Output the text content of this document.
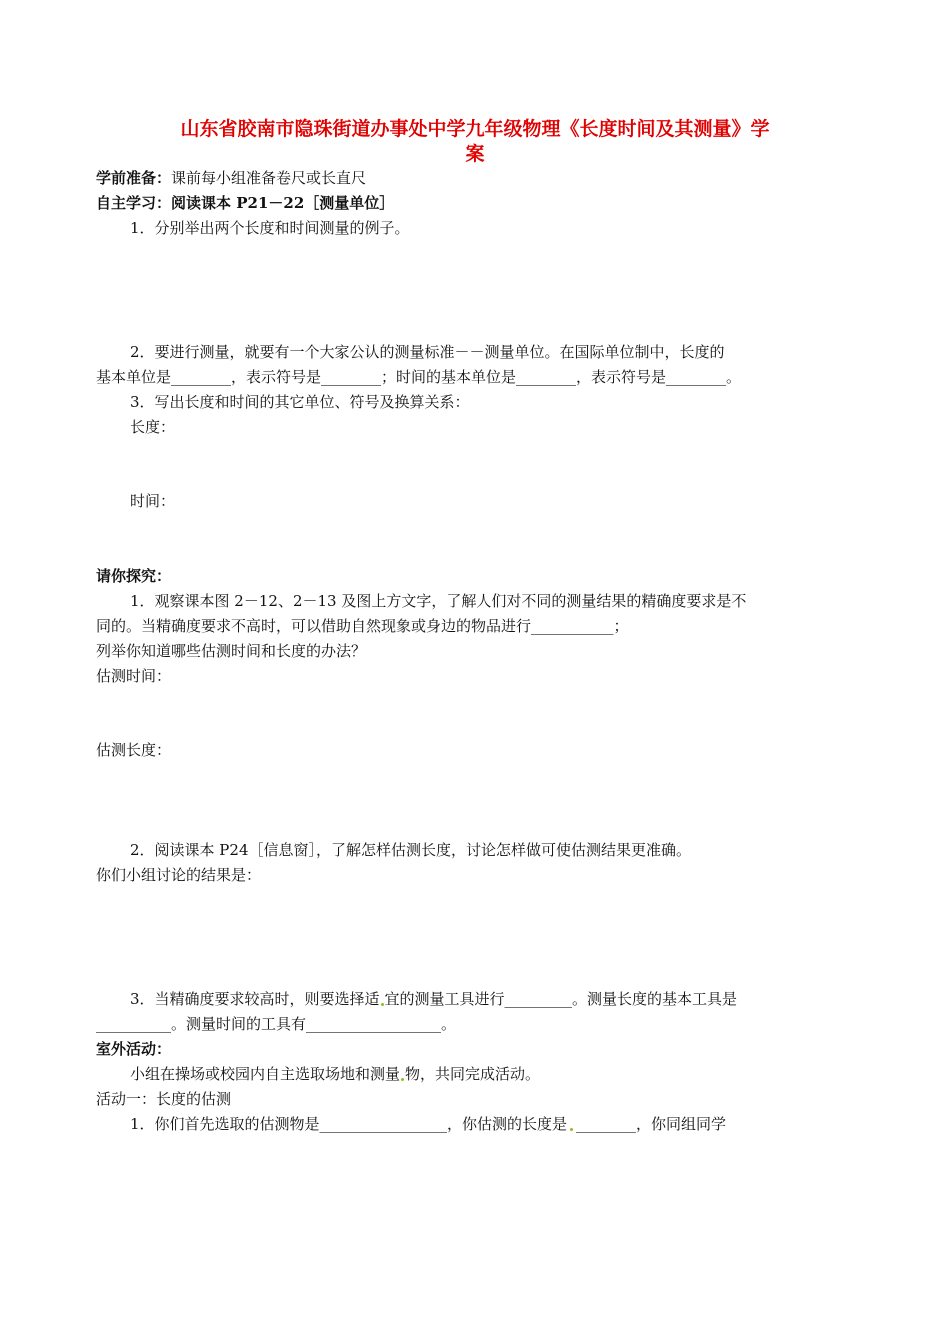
山东省胶南市隐珠街道办事处中学九年级物理《长度时间及其测量》学
案
学前准备：课前每小组准备卷尺或长直尺
自主学习：阅读课本 P21－22［测量单位］
1．分别举出两个长度和时间测量的例子。
2．要进行测量，就要有一个大家公认的测量标准－－测量单位。在国际单位制中，长度的
基本单位是________，表示符号是________；时间的基本单位是________，表示符号是________。
3．写出长度和时间的其它单位、符号及换算关系：
长度：
时间：
请你探究：
1．观察课本图 2－12、2－13 及图上方文字，了解人们对不同的测量结果的精确度要求是不
同的。当精确度要求不高时，可以借助自然现象或身边的物品进行___________；
列举你知道哪些估测时间和长度的办法？
估测时间：
估测长度：
2．阅读课本 P24［信息窗］，了解怎样估测长度，讨论怎样做可使估测结果更准确。
你们小组讨论的结果是：
3．当精确度要求较高时，则要选择适 宜的测量工具进行_________。测量长度的基本工具是
__________。测量时间的工具有__________________。
室外活动：
小组在操场或校园内自主选取场地和测量 物，共同完成活动。
活动一：长度的估测
1．你们首先选取的估测物是_________________，你估测的长度是 ________，你同组同学
